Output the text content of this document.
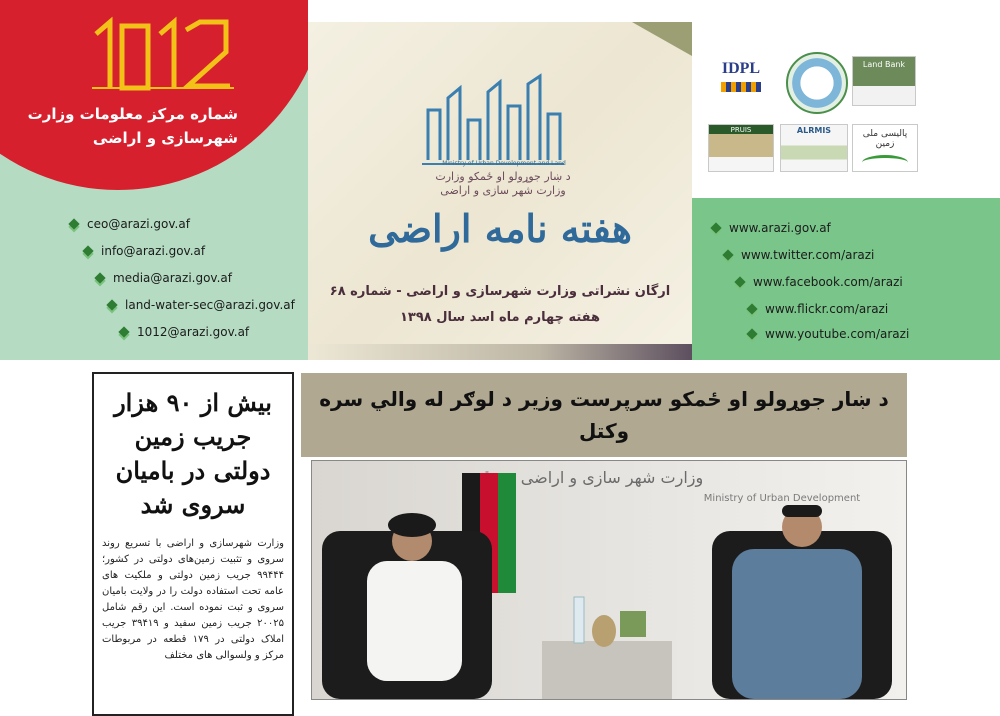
شماره مرکز معلومات وزارت
شهرسازی و اراضی
ceo@arazi.gov.af
info@arazi.gov.af
media@arazi.gov.af
land-water-sec@arazi.gov.af
1012@arazi.gov.af
Ministry of Urban Development and Land
د ښار جوړولو او ځمکو وزارت
وزارت شهر سازی و اراضی
هفته نامه اراضی
ارگان نشراتی وزارت شهرسازی و اراضی - شماره ۶۸
هفته چهارم ماه اسد سال ۱۳۹۸
IDPL	Land Bank
PRUIS	ALRMIS	پالیسی ملی زمین
www.arazi.gov.af
www.twitter.com/arazi
www.facebook.com/arazi
www.flickr.com/arazi
www.youtube.com/arazi
بیش از ۹۰ هزار جریب زمین دولتی در بامیان سروی شد
وزارت شهرسازی و اراضی با تسریع روند سروی و تثبیت زمین‌های دولتی در کشور؛ ۹۹۴۴۴ جریب زمین دولتی و ملکیت های عامه تحت استفاده دولت را در ولایت بامیان سروی و ثبت نموده است. این رقم شامل ۲۰۰۲۵ جریب زمین سفید و ۳۹۴۱۹ جریب املاک دولتی در ۱۷۹ قطعه در مربوطات مرکز و ولسوالی های مختلف
د ښار جوړولو او ځمکو سرپرست وزیر د لوګر له والي سره وکتل
وزارت شهر سازی و اراضی
Ministry of Urban Development
